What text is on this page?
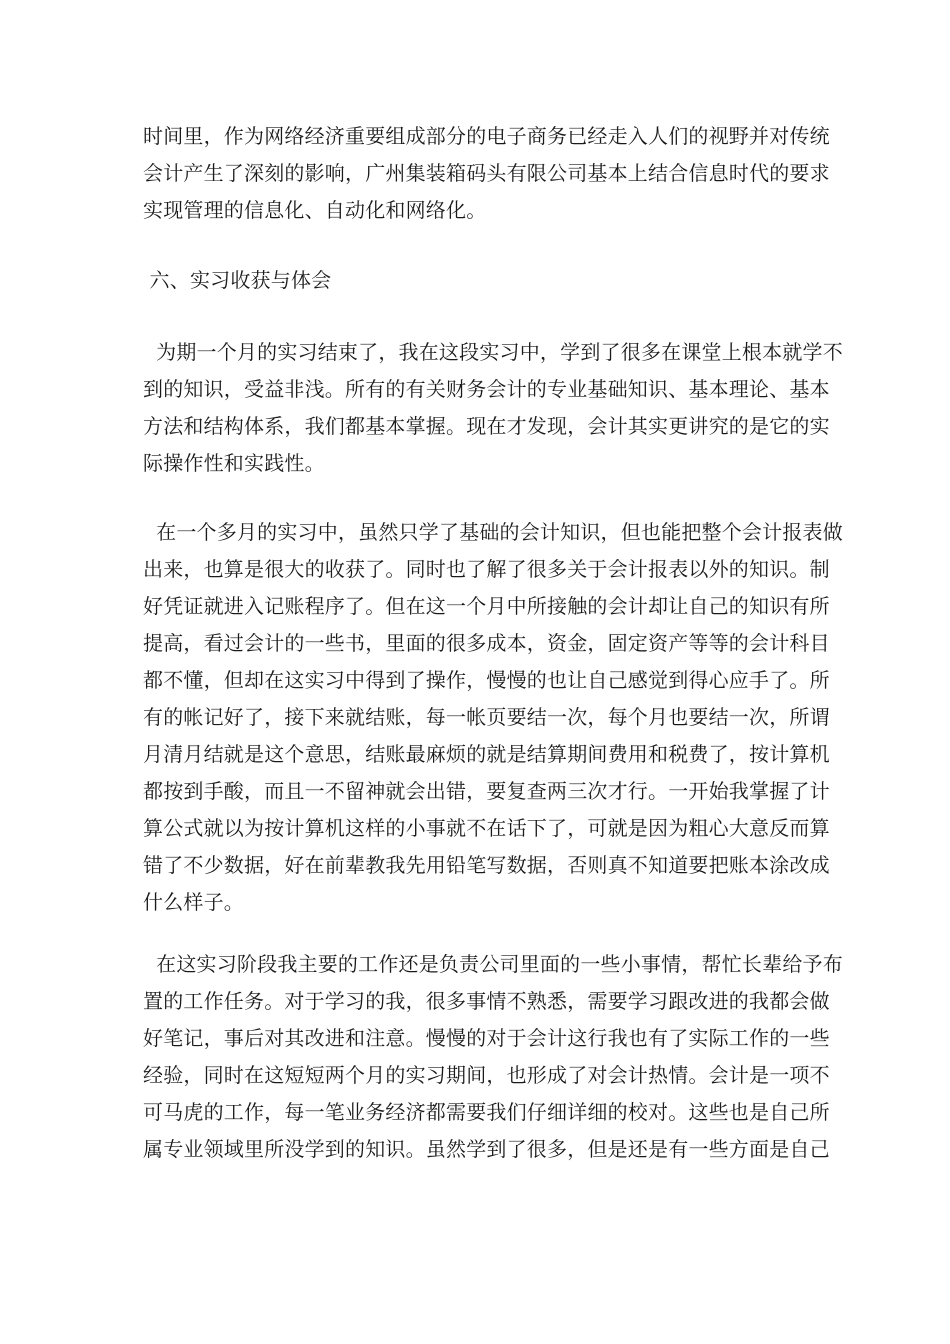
时间里，作为网络经济重要组成部分的电子商务已经走入人们的视野并对传统
会计产生了深刻的影响，广州集装箱码头有限公司基本上结合信息时代的要求
实现管理的信息化、自动化和网络化。
六、实习收获与体会
为期一个月的实习结束了，我在这段实习中，学到了很多在课堂上根本就学不
到的知识，受益非浅。所有的有关财务会计的专业基础知识、基本理论、基本
方法和结构体系，我们都基本掌握。现在才发现，会计其实更讲究的是它的实
际操作性和实践性。
在一个多月的实习中，虽然只学了基础的会计知识，但也能把整个会计报表做
出来，也算是很大的收获了。同时也了解了很多关于会计报表以外的知识。制
好凭证就进入记账程序了。但在这一个月中所接触的会计却让自己的知识有所
提高，看过会计的一些书，里面的很多成本，资金，固定资产等等的会计科目
都不懂，但却在这实习中得到了操作，慢慢的也让自己感觉到得心应手了。所
有的帐记好了，接下来就结账，每一帐页要结一次，每个月也要结一次，所谓
月清月结就是这个意思，结账最麻烦的就是结算期间费用和税费了，按计算机
都按到手酸，而且一不留神就会出错，要复查两三次才行。一开始我掌握了计
算公式就以为按计算机这样的小事就不在话下了，可就是因为粗心大意反而算
错了不少数据，好在前辈教我先用铅笔写数据，否则真不知道要把账本涂改成
什么样子。
在这实习阶段我主要的工作还是负责公司里面的一些小事情，帮忙长辈给予布
置的工作任务。对于学习的我，很多事情不熟悉，需要学习跟改进的我都会做
好笔记，事后对其改进和注意。慢慢的对于会计这行我也有了实际工作的一些
经验，同时在这短短两个月的实习期间，也形成了对会计热情。会计是一项不
可马虎的工作，每一笔业务经济都需要我们仔细详细的校对。这些也是自己所
属专业领域里所没学到的知识。虽然学到了很多，但是还是有一些方面是自己
